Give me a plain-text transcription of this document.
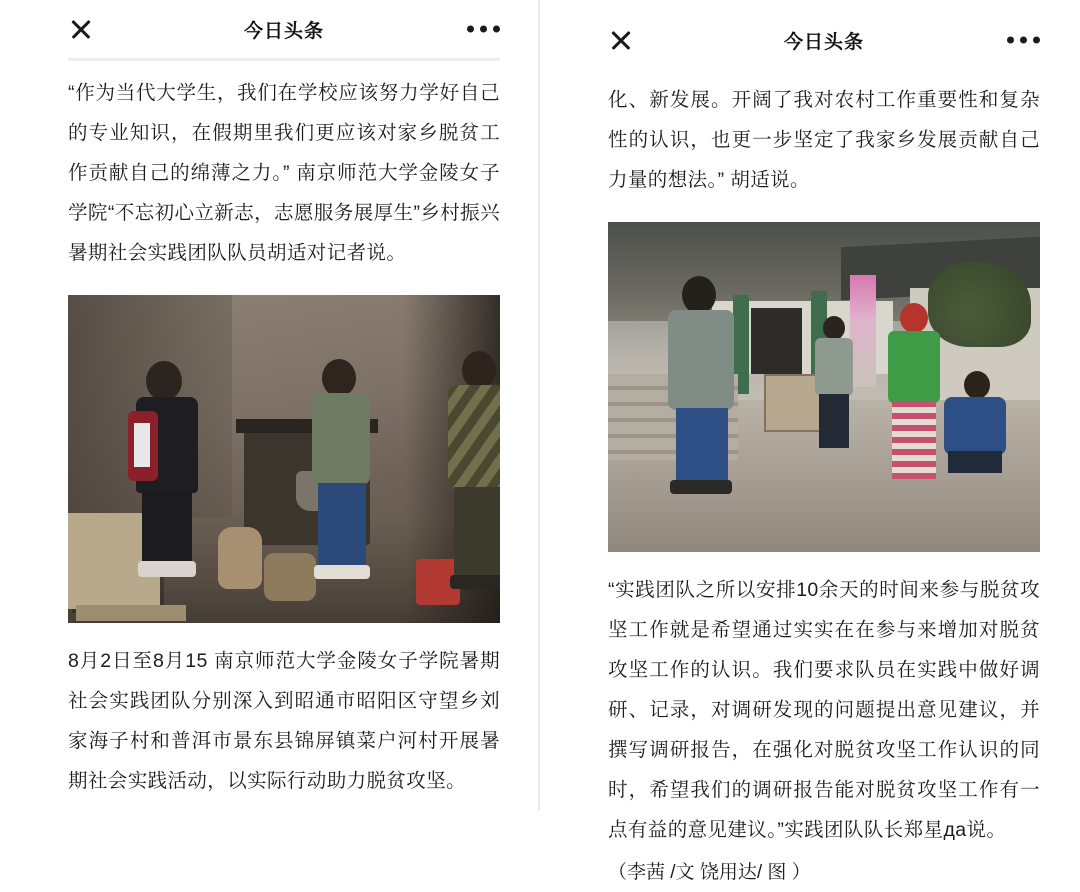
今日头条

“作为当代大学生，我们在学校应该努力学好自己的专业知识，在假期里我们更应该对家乡脱贫工作贡献自己的绵薄之力。” 南京师范大学金陵女子学院“不忘初心立新志，志愿服务展厚生”乡村振兴暑期社会实践团队队员胡适对记者说。

8月2日至8月15 南京师范大学金陵女子学院暑期社会实践团队分别深入到昭通市昭阳区守望乡刘家海子村和普洱市景东县锦屏镇菜户河村开展暑期社会实践活动，以实际行动助力脱贫攻坚。

今日头条

化、新发展。开阔了我对农村工作重要性和复杂性的认识，也更一步坚定了我家乡发展贡献自己力量的想法。” 胡适说。

“实践团队之所以安排10余天的时间来参与脱贫攻坚工作就是希望通过实实在在参与来增加对脱贫攻坚工作的认识。我们要求队员在实践中做好调研、记录，对调研发现的问题提出意见建议，并撰写调研报告，在强化对脱贫攻坚工作认识的同时，希望我们的调研报告能对脱贫攻坚工作有一点有益的意见建议。”实践团队队长郑星да说。

（李茜 /文 饶用达/ 图 ）
